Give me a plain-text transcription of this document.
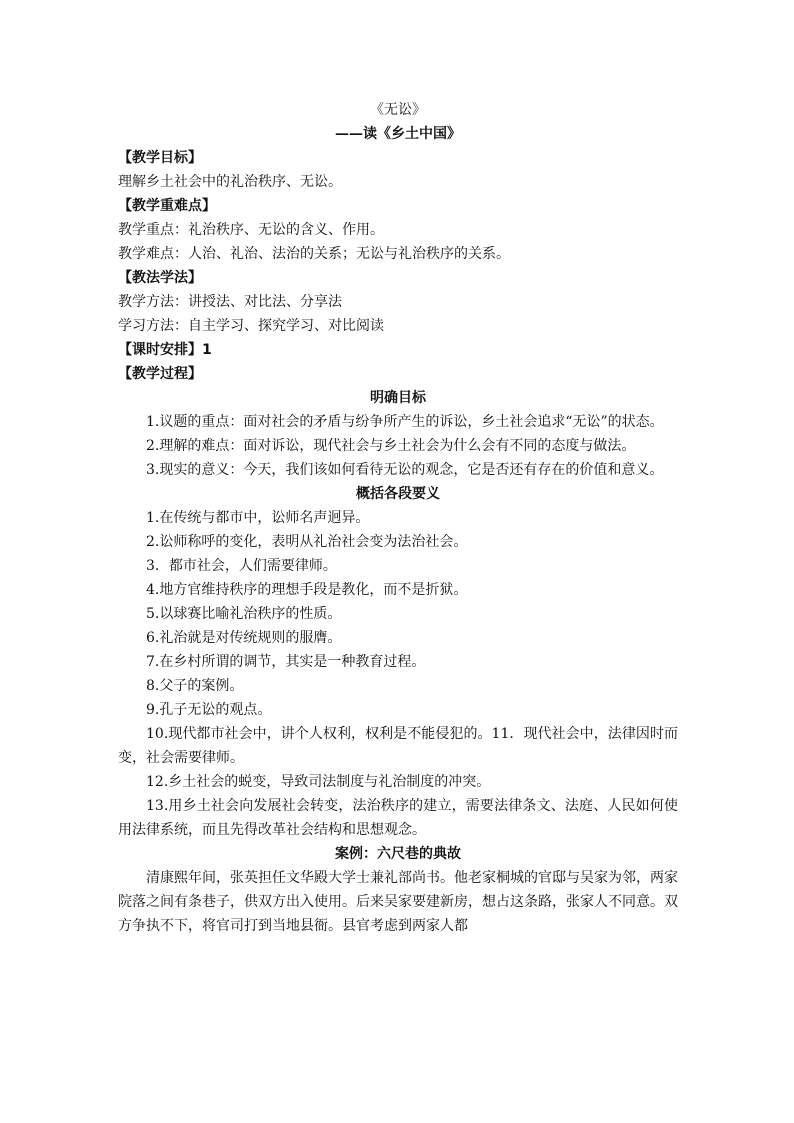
《无讼》
——读《乡土中国》
【教学目标】
理解乡土社会中的礼治秩序、无讼。
【教学重难点】
教学重点：礼治秩序、无讼的含义、作用。
教学难点：人治、礼治、法治的关系；无讼与礼治秩序的关系。
【教法学法】
教学方法：讲授法、对比法、分享法
学习方法：自主学习、探究学习、对比阅读
【课时安排】1
【教学过程】
明确目标
1.议题的重点：面对社会的矛盾与纷争所产生的诉讼，乡土社会追求“无讼”的状态。
2.理解的难点：面对诉讼，现代社会与乡土社会为什么会有不同的态度与做法。
3.现实的意义：今天，我们该如何看待无讼的观念，它是否还有存在的价值和意义。
概括各段要义
1.在传统与都市中，讼师名声迥异。
2.讼师称呼的变化，表明从礼治社会变为法治社会。
3．都市社会，人们需要律师。
4.地方官维持秩序的理想手段是教化，而不是折狱。
5.以球赛比喻礼治秩序的性质。
6.礼治就是对传统规则的服膺。
7.在乡村所谓的调节，其实是一种教育过程。
8.父子的案例。
9.孔子无讼的观点。
10.现代都市社会中，讲个人权利，权利是不能侵犯的。11．现代社会中，法律因时而变，社会需要律师。
12.乡土社会的蜕变，导致司法制度与礼治制度的冲突。
13.用乡土社会向发展社会转变，法治秩序的建立，需要法律条文、法庭、人民如何使用法律系统，而且先得改革社会结构和思想观念。
案例：六尺巷的典故
清康熙年间，张英担任文华殿大学士兼礼部尚书。他老家桐城的官邸与吴家为邻，两家院落之间有条巷子，供双方出入使用。后来吴家要建新房，想占这条路，张家人不同意。双方争执不下，将官司打到当地县衙。县官考虑到两家人都
